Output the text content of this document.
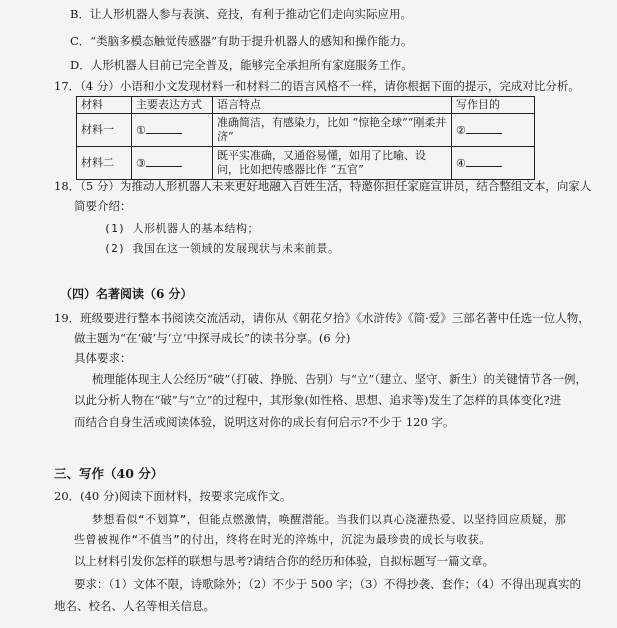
B．让人形机器人参与表演、竞技，有利于推动它们走向实际应用。
C．“类脑多模态触觉传感器”有助于提升机器人的感知和操作能力。
D．人形机器人目前已完全普及，能够完全承担所有家庭服务工作。
17．（4 分）小语和小文发现材料一和材料二的语言风格不一样，请你根据下面的提示，完成对比分析。
材料	主要表达方式	语言特点	写作目的
材料一	①	准确简洁，有感染力，比如 “惊艳全球”“刚柔并济”	②
材料二	③	既平实准确，又通俗易懂，如用了比喻、设问，比如把传感器比作 “五官”	④
18．（5 分）为推动人形机器人未来更好地融入百姓生活，特邀你担任家庭宣讲员，结合整组文本，向家人
简要介绍：
(1) 人形机器人的基本结构；
(2) 我国在这一领域的发展现状与未来前景。
（四）名著阅读（6 分）
19．班级要进行整本书阅读交流活动，请你从《朝花夕拾》《水浒传》《简·爱》三部名著中任选一位人物，
做主题为“在‘破’与‘立’中探寻成长”的读书分享。(6 分)
具体要求：
梳理能体现主人公经历“破”（打破、挣脱、告别）与“立”（建立、坚守、新生）的关键情节各一例，
以此分析人物在“破”与“立”的过程中，其形象(如性格、思想、追求等)发生了怎样的具体变化?进
而结合自身生活或阅读体验，说明这对你的成长有何启示?不少于 120 字。
三、写作（40 分）
20．(40 分)阅读下面材料，按要求完成作文。
梦想看似“不划算”，但能点燃激情，唤醒潜能。当我们以真心浇灌热爱、以坚持回应质疑，那
些曾被视作“不值当”的付出，终将在时光的淬炼中，沉淀为最珍贵的成长与收获。
以上材料引发你怎样的联想与思考?请结合你的经历和体验，自拟标题写一篇文章。
要求：（1）文体不限，诗歌除外；（2）不少于 500 字；（3）不得抄袭、套作；（4）不得出现真实的
地名、校名、人名等相关信息。
